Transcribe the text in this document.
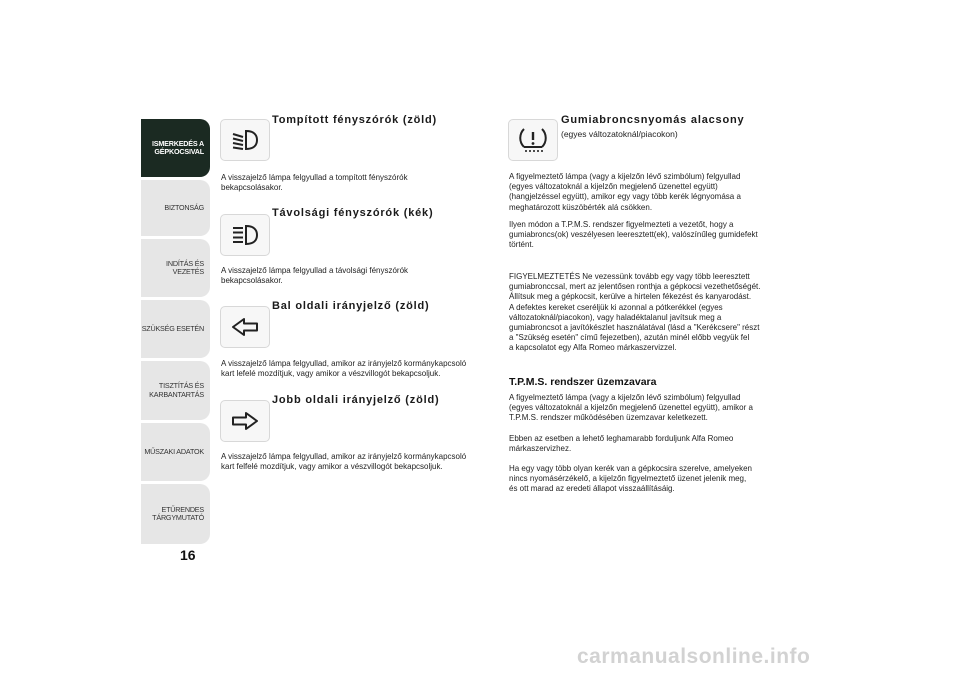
ISMERKEDÉS A
GÉPKOCSIVAL
BIZTONSÁG
INDÍTÁS ÉS VEZETÉS
SZÜKSÉG ESETÉN
TISZTÍTÁS ÉS
KARBANTARTÁS
MŰSZAKI ADATOK
ETŰRENDES
TÁRGYMUTATÓ
16
Tompított fényszórók (zöld)
A visszajelző lámpa felgyullad a tompított fényszórók
bekapcsolásakor.
Távolsági fényszórók (kék)
A visszajelző lámpa felgyullad a távolsági fényszórók
bekapcsolásakor.
Bal oldali irányjelző (zöld)
A visszajelző lámpa felgyullad, amikor az irányjelző kormánykapcsoló
kart lefelé mozdítjuk, vagy amikor a vészvillogót bekapcsoljuk.
Jobb oldali irányjelző (zöld)
A visszajelző lámpa felgyullad, amikor az irányjelző kormánykapcsoló
kart felfelé mozdítjuk, vagy amikor a vészvillogót bekapcsoljuk.
Gumiabroncsnyomás alacsony
(egyes változatoknál/piacokon)
A figyelmeztető lámpa (vagy a kijelzőn lévő szimbólum) felgyullad
(egyes változatoknál a kijelzőn megjelenő üzenettel együtt)
(hangjelzéssel együtt), amikor egy vagy több kerék légnyomása a
meghatározott küszöbérték alá csökken.
Ilyen módon a T.P.M.S. rendszer figyelmezteti a vezetőt, hogy a
gumiabroncs(ok) veszélyesen leeresztett(ek), valószínűleg gumidefekt
történt.
FIGYELMEZTETÉS Ne vezessünk tovább egy vagy több leeresztett
gumiabronccsal, mert az jelentősen ronthja a gépkocsi vezethetőségét.
Állítsuk meg a gépkocsit, kerülve a hirtelen fékezést és kanyarodást.
A defektes kereket cseréljük ki azonnal a pótkerékkel (egyes
változatoknál/piacokon), vagy haladéktalanul javítsuk meg a
gumiabroncsot a javítókészlet használatával (lásd a "Kerékcsere" részt
a "Szükség esetén" című fejezetben), azután minél előbb vegyük fel
a kapcsolatot egy Alfa Romeo márkaszervizzel.
T.P.M.S. rendszer üzemzavara
A figyelmeztető lámpa (vagy a kijelzőn lévő szimbólum) felgyullad
(egyes változatoknál a kijelzőn megjelenő üzenettel együtt), amikor a
T.P.M.S. rendszer működésében üzemzavar keletkezett.
Ebben az esetben a lehető leghamarabb forduljunk Alfa Romeo
márkaszervizhez.
Ha egy vagy több olyan kerék van a gépkocsira szerelve, amelyeken
nincs nyomásérzékelő, a kijelzőn figyelmeztető üzenet jelenik meg,
és ott marad az eredeti állapot visszaállításáig.
carmanualsonline.info
